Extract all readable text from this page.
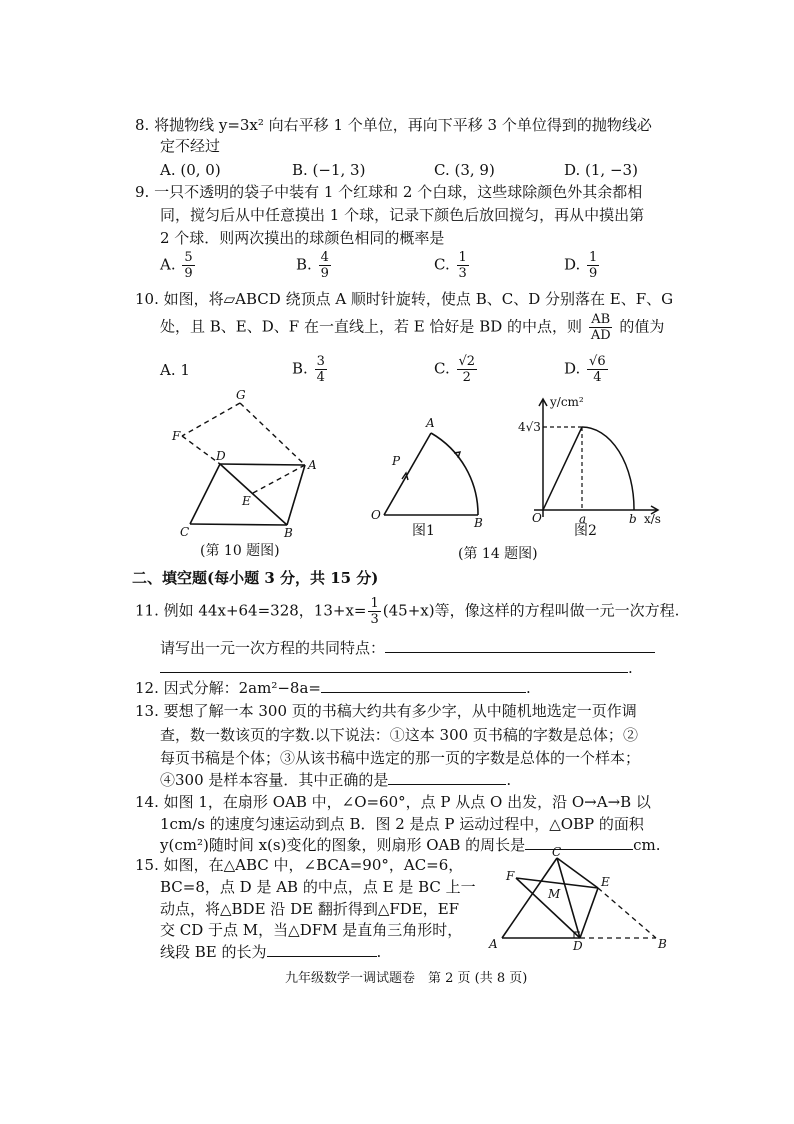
8. 将抛物线 y=3x² 向右平移 1 个单位，再向下平移 3 个单位得到的抛物线必
定不经过
A. (0, 0)	B. (−1, 3)	C. (3, 9)	D. (1, −3)
9. 一只不透明的袋子中装有 1 个红球和 2 个白球，这些球除颜色外其余都相
同，搅匀后从中任意摸出 1 个球，记录下颜色后放回搅匀，再从中摸出第
2 个球．则两次摸出的球颜色相同的概率是
A. $\frac{5}{9}$	B. $\frac{4}{9}$	C. $\frac{1}{3}$	D. $\frac{1}{9}$
10. 如图，将▱ABCD 绕顶点 A 顺时针旋转，使点 B、C、D 分别落在 E、F、G
处，且 B、E、D、F 在一直线上，若 E 恰好是 BD 的中点，则 $\frac{AB}{AD}$ 的值为
A. 1	B. $\frac{3}{4}$	C. $\frac{√2}{2}$	D. $\frac{√6}{4}$
G
F
D
A
E
C	B
(第 10 题图)
A
P
O
B
图1
y/cm²
4√3
O	a	b x/s
图2
(第 14 题图)
二、填空题(每小题 3 分，共 15 分)
11. 例如 44x+64=328，$13+x= \frac{1}{3} (45+x)$等，像这样的方程叫做一元一次方程.
请写出一元一次方程的共同特点：
.
12. 因式分解：2am²−8a=	.
13. 要想了解一本 300 页的书稿大约共有多少字，从中随机地选定一页作调
查，数一数该页的字数.以下说法：①这本 300 页书稿的字数是总体；②
每页书稿是个体；③从该书稿中选定的那一页的字数是总体的一个样本；
④300 是样本容量．其中正确的是	.
14. 如图 1，在扇形 OAB 中，∠O=60°，点 P 从点 O 出发，沿 O→A→B 以
1cm/s 的速度匀速运动到点 B．图 2 是点 P 运动过程中，△OBP 的面积
y(cm²)随时间 x(s)变化的图象，则扇形 OAB 的周长是	cm.
15. 如图，在△ABC 中，∠BCA=90°，AC=6，
BC=8，点 D 是 AB 的中点，点 E 是 BC 上一
动点，将△BDE 沿 DE 翻折得到△FDE，EF
交 CD 于点 M，当△DFM 是直角三角形时，
线段 BE 的长为	.
C
F	E
M
A	D	B
九年级数学一调试题卷　第 2 页 (共 8 页)
